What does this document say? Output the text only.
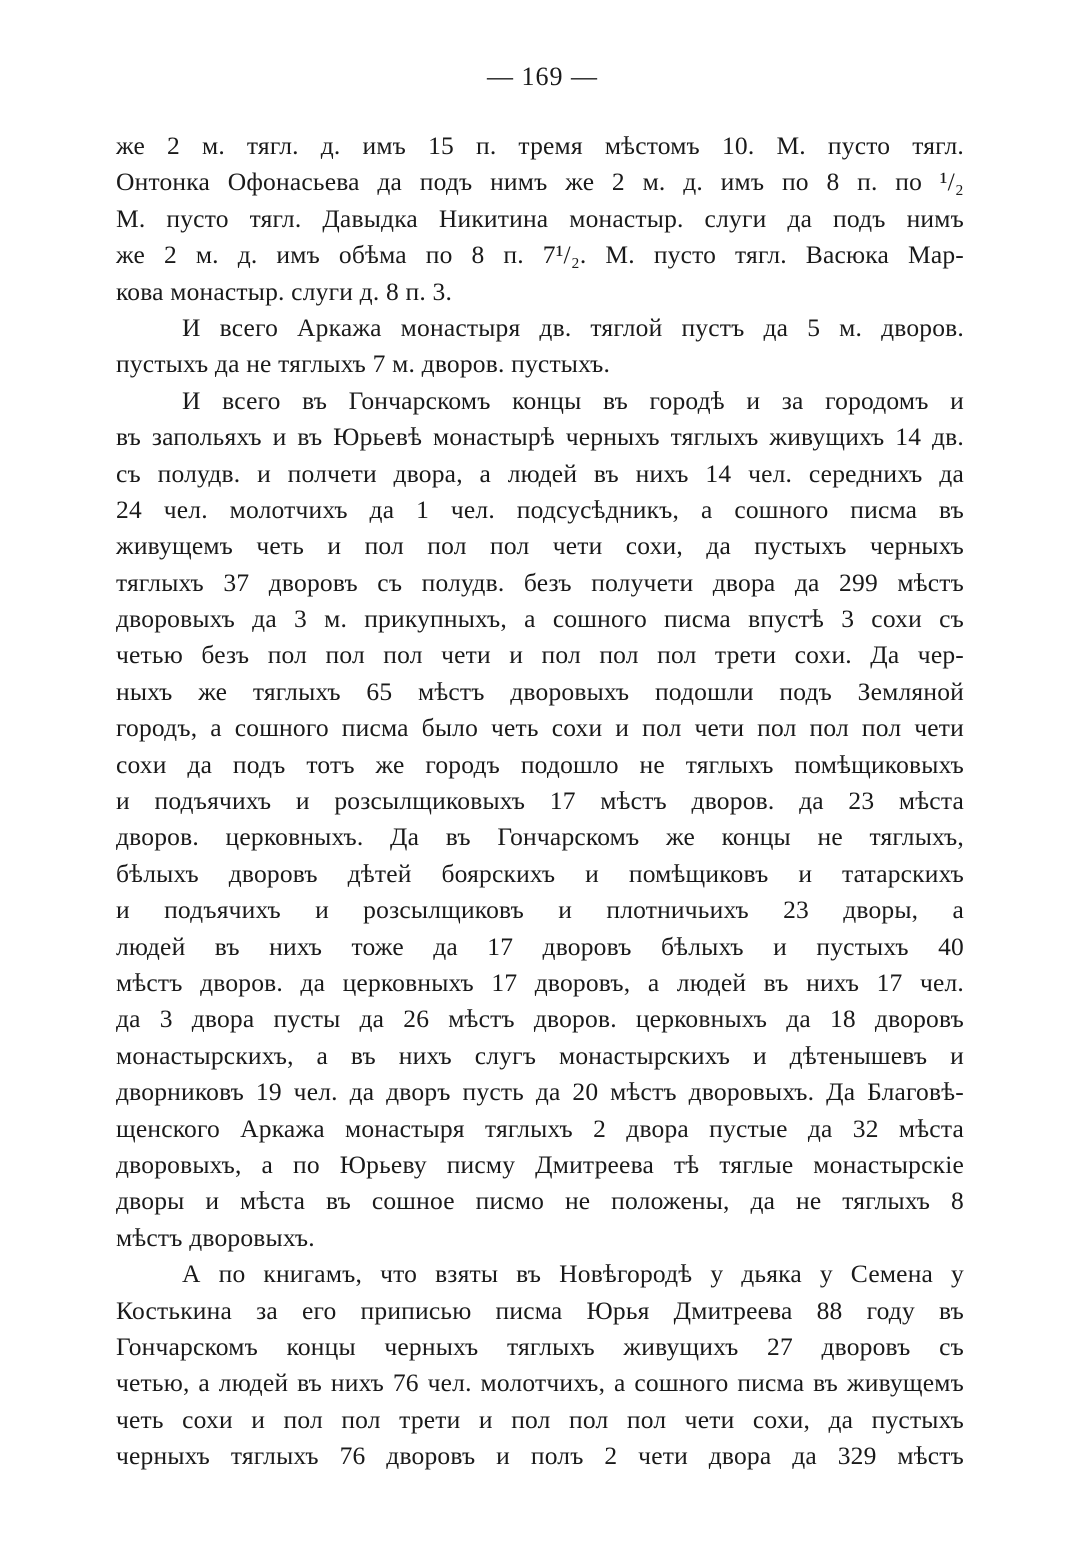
— 169 —
же 2 м. тягл. д. имъ 15 п. тремя мѣстомъ 10. М. пусто тягл.
Онтонка Офонасьева да подъ нимъ же 2 м. д. имъ по 8 п. по ¹/₂
М. пусто тягл. Давыдка Никитина монастыр. слуги да подъ нимъ
же 2 м. д. имъ обѣма по 8 п. 7¹/₂. М. пусто тягл. Васюка Мар-
кова монастыр. слуги д. 8 п. 3.
И всего Аркажа монастыря дв. тяглой пустъ да 5 м. дворов.
пустыхъ да не тяглыхъ 7 м. дворов. пустыхъ.
И всего въ Гончарскомъ концы въ городѣ и за городомъ и
въ запольяхъ и въ Юрьевѣ монастырѣ черныхъ тяглыхъ живущихъ 14 дв.
съ полудв. и полчети двора, а людей въ нихъ 14 чел. середнихъ да
24 чел. молотчихъ да 1 чел. подсусѣдникъ, а сошного писма въ
живущемъ четь и пол пол пол чети сохи, да пустыхъ черныхъ
тяглыхъ 37 дворовъ съ полудв. безъ получети двора да 299 мѣстъ
дворовыхъ да 3 м. прикупныхъ, а сошного писма впустѣ 3 сохи съ
четью безъ пол пол пол чети и пол пол пол трети сохи. Да чер-
ныхъ же тяглыхъ 65 мѣстъ дворовыхъ подошли подъ Земляной
городъ, а сошного писма было четь сохи и пол чети пол пол пол чети
сохи да подъ тотъ же городъ подошло не тяглыхъ помѣщиковыхъ
и подъячихъ и розсылщиковыхъ 17 мѣстъ дворов. да 23 мѣста
дворов. церковныхъ. Да въ Гончарскомъ же концы не тяглыхъ,
бѣлыхъ дворовъ дѣтей боярскихъ и помѣщиковъ и татарскихъ
и подъячихъ и розсылщиковъ и плотничьихъ 23 дворы, а
людей въ нихъ тоже да 17 дворовъ бѣлыхъ и пустыхъ 40
мѣстъ дворов. да церковныхъ 17 дворовъ, а людей въ нихъ 17 чел.
да 3 двора пусты да 26 мѣстъ дворов. церковныхъ да 18 дворовъ
монастырскихъ, а въ нихъ слугъ монастырскихъ и дѣтенышевъ и
дворниковъ 19 чел. да дворъ пусть да 20 мѣстъ дворовыхъ. Да Благовѣ-
щенского Аркажа монастыря тяглыхъ 2 двора пустые да 32 мѣста
дворовыхъ, а по Юрьеву писму Дмитреева тѣ тяглые монастырскіе
дворы и мѣста въ сошное писмо не положены, да не тяглыхъ 8
мѣстъ дворовыхъ.
А по книгамъ, что взяты въ Новѣгородѣ у дьяка у Семена у
Костькина за его приписью писма Юрья Дмитреева 88 году въ
Гончарскомъ концы черныхъ тяглыхъ живущихъ 27 дворовъ съ
четью, а людей въ нихъ 76 чел. молотчихъ, а сошного писма въ живущемъ
четь сохи и пол пол трети и пол пол пол чети сохи, да пустыхъ
черныхъ тяглыхъ 76 дворовъ и полъ 2 чети двора да 329 мѣстъ
